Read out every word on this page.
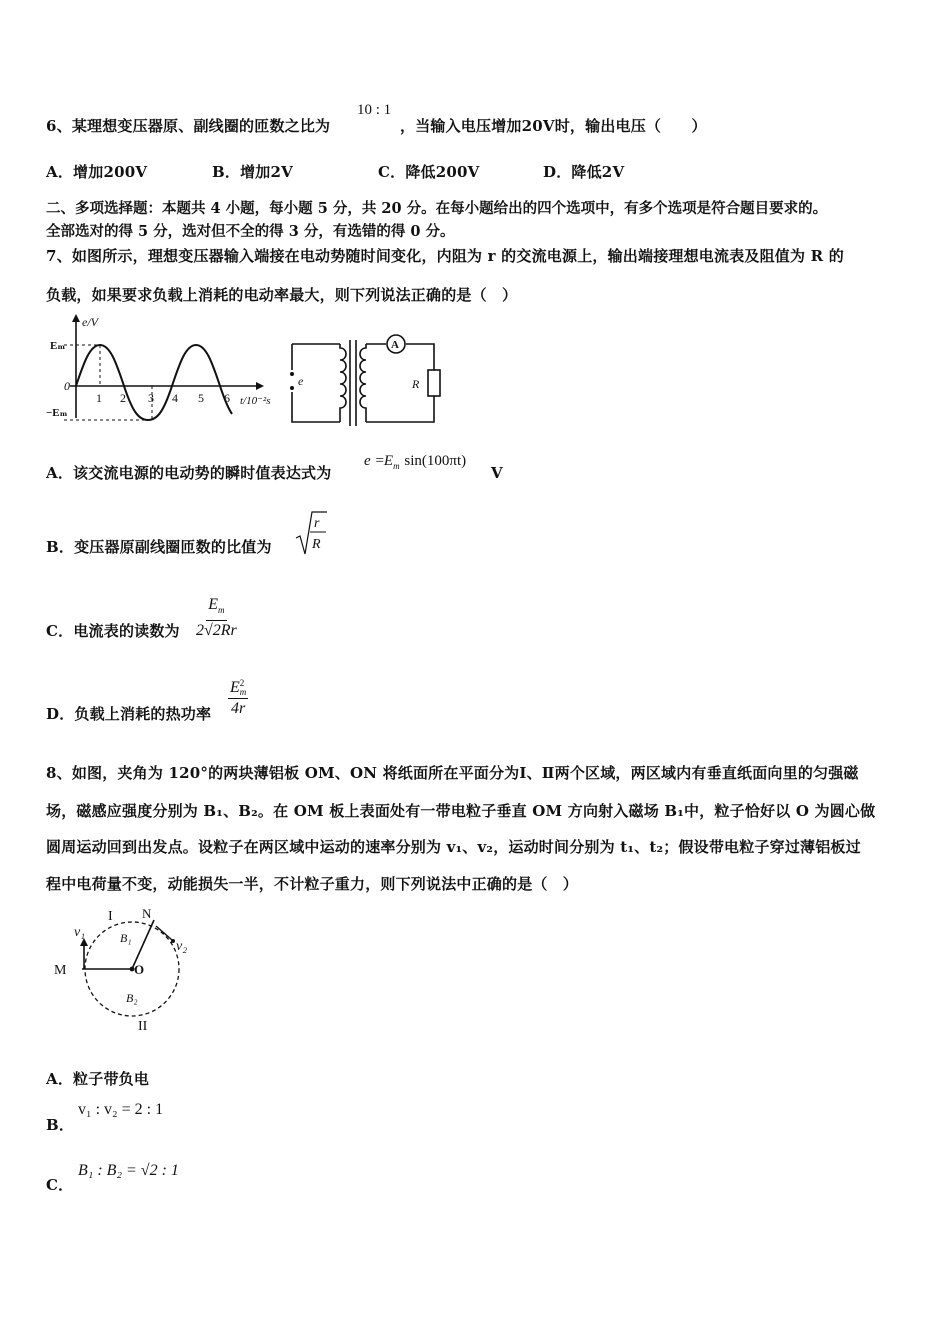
6、某理想变压器原、副线圈的匝数之比为
10 : 1
，当输入电压增加20V时，输出电压（　　）
A．增加200V	B．增加2V	C．降低200V	D．降低2V
二、多项选择题：本题共 4 小题，每小题 5 分，共 20 分。在每小题给出的四个选项中，有多个选项是符合题目要求的。
全部选对的得 5 分，选对但不全的得 3 分，有选错的得 0 分。
7、如图所示，理想变压器输入端接在电动势随时间变化，内阻为 r 的交流电源上，输出端接理想电流表及阻值为 R 的
负载，如果要求负载上消耗的电动率最大，则下列说法正确的是（　）
e/V
Eₘ
−Eₘ
0
1 2 3 4 5 6 t/10⁻²s
e
A
R
A．该交流电源的电动势的瞬时值表达式为
$e =E_m$ sin(100πt)
V
B．变压器原副线圈匝数的比值为
r
R
C．电流表的读数为 $\frac{E_m}{2√2Rr}$
D．负载上消耗的热功率 E 2
m
4r
8、如图，夹角为 120°的两块薄铝板 OM、ON 将纸面所在平面分为Ⅰ、Ⅱ两个区域，两区域内有垂直纸面向里的匀强磁
场，磁感应强度分别为 B₁、B₂。在 OM 板上表面处有一带电粒子垂直 OM 方向射入磁场 B₁中，粒子恰好以 O 为圆心做
圆周运动回到出发点。设粒子在两区域中运动的速率分别为 v₁、v₂，运动时间分别为 t₁、t₂；假设带电粒子穿过薄铝板过
程中电荷量不变，动能损失一半，不计粒子重力，则下列说法中正确的是（　）
M	O
N
I
II
B₁
B₂
v₁
v₂
A．粒子带负电
B．
v₁ : v₂ = 2 : 1
C．
B₁ : B₂ = √2 : 1
